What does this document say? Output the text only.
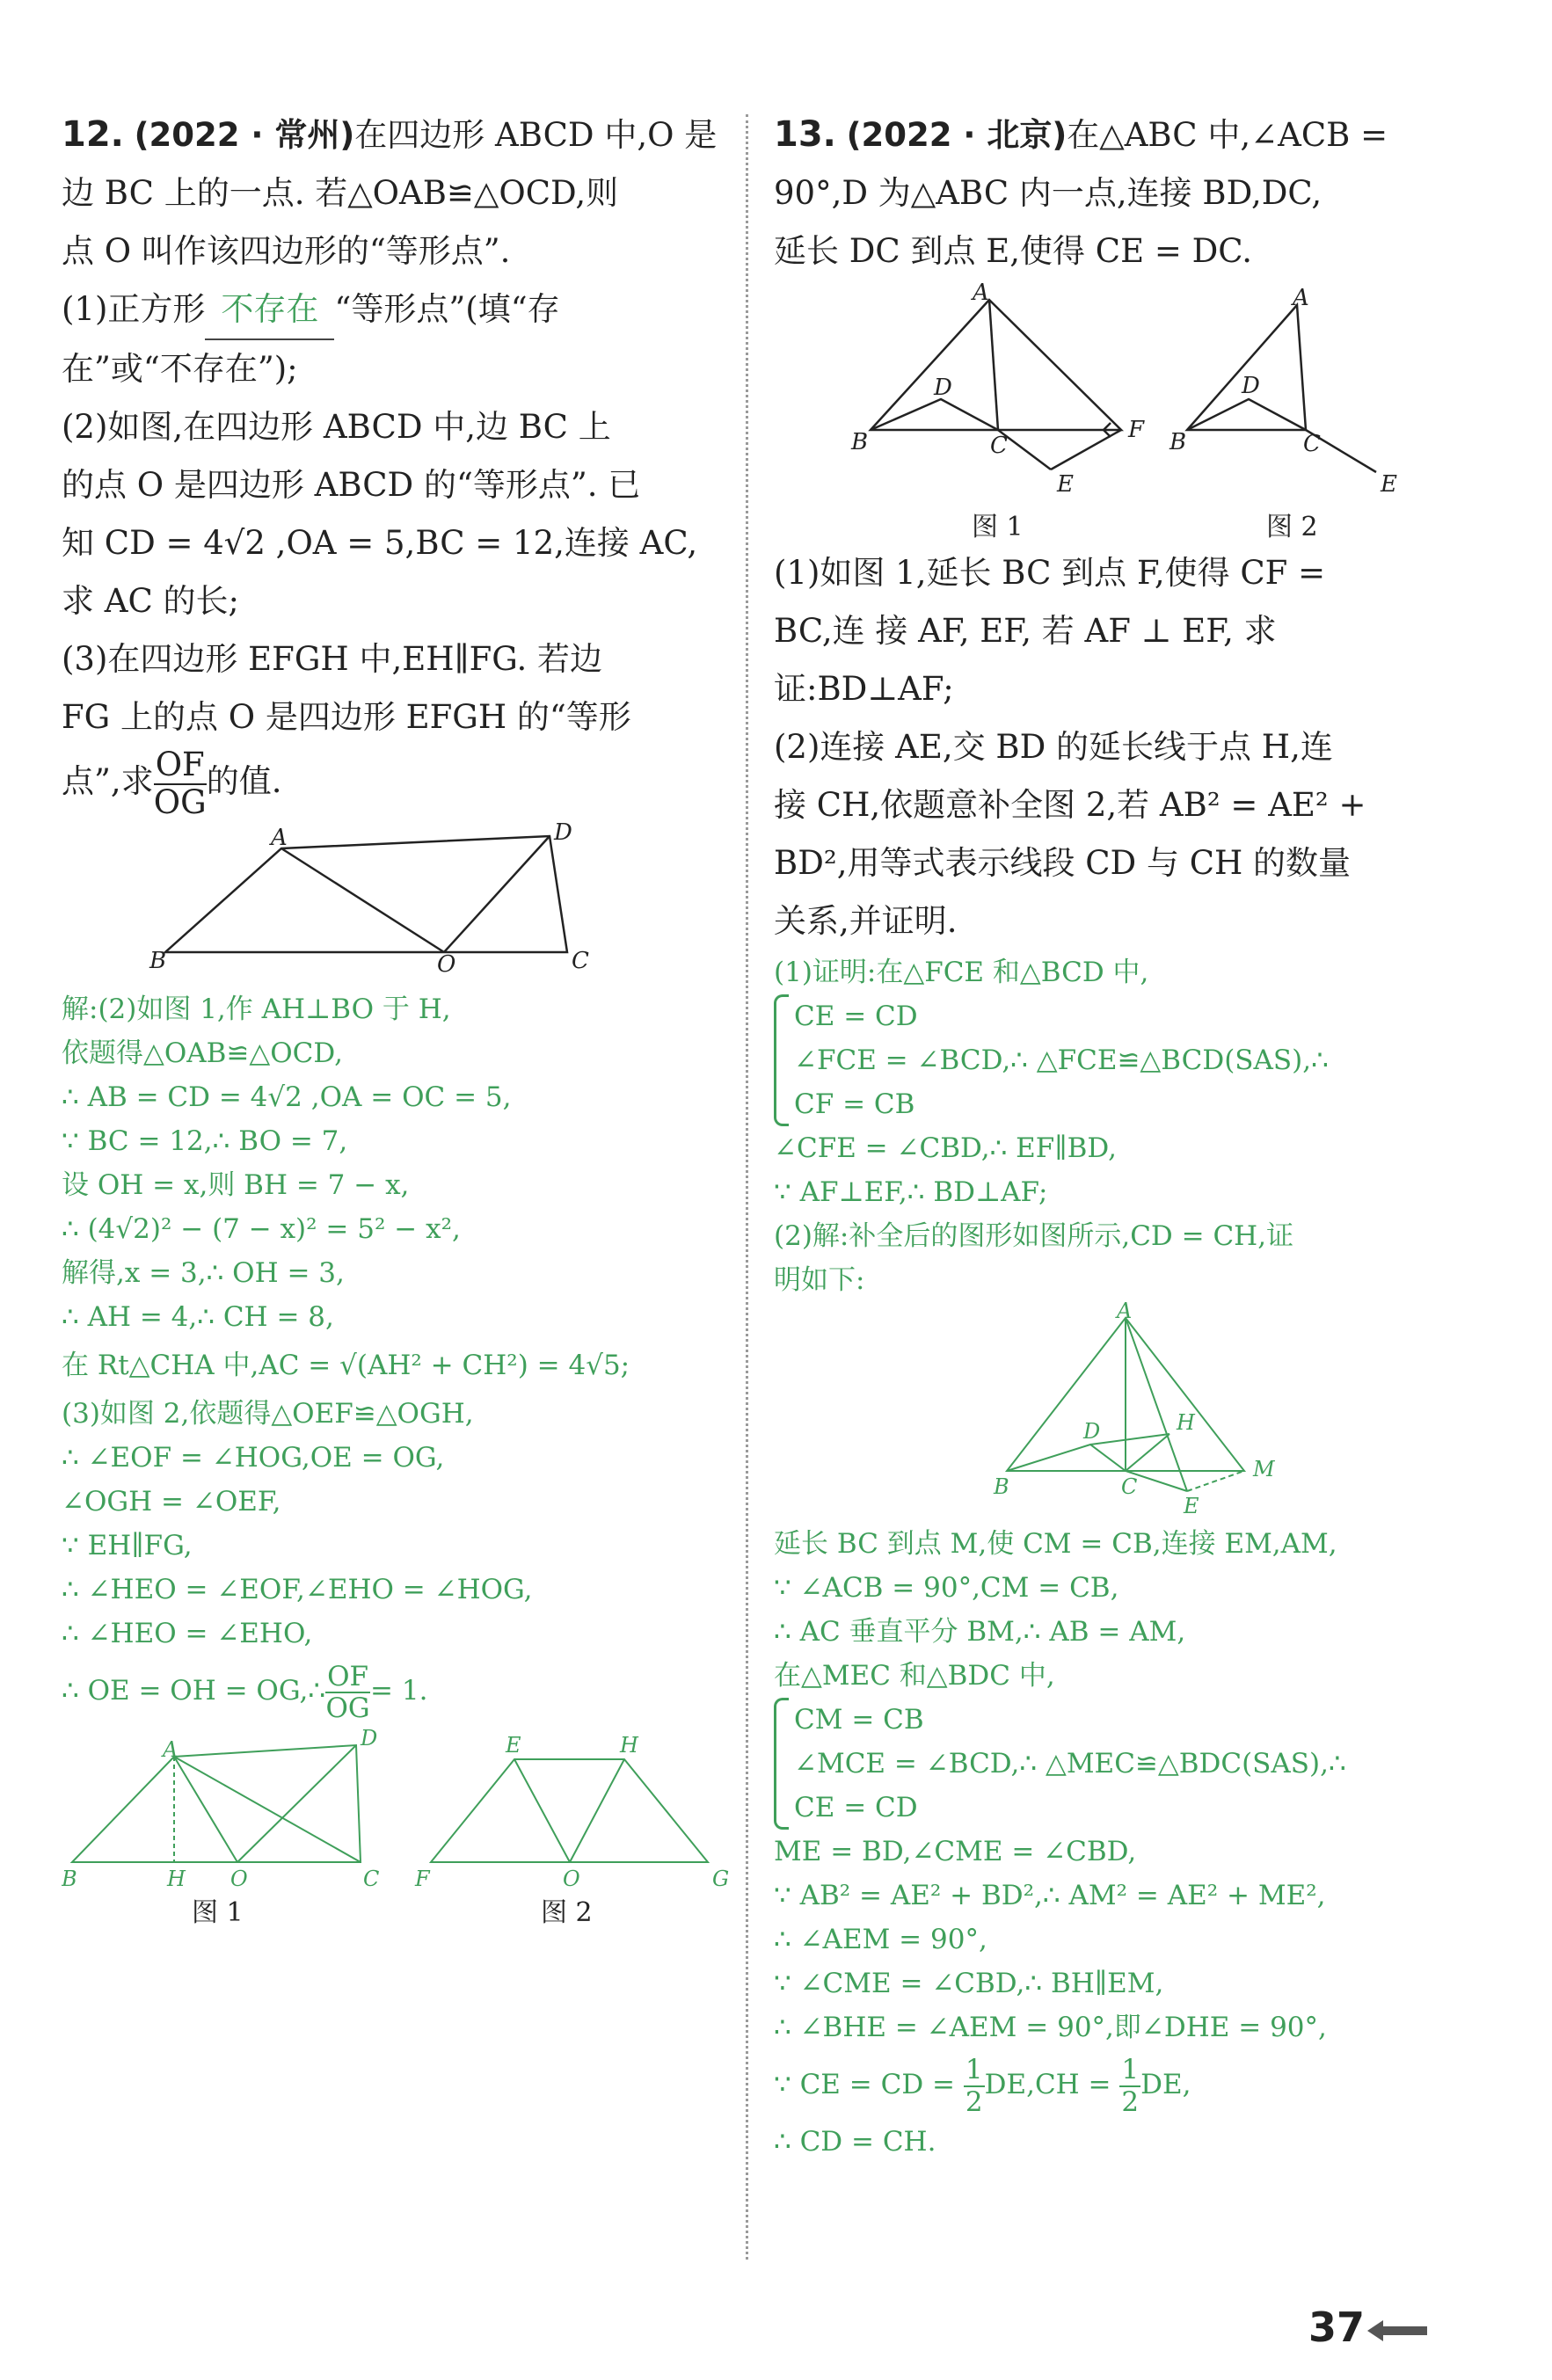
12. (2022 · 常州)在四边形 ABCD 中,O 是
边 BC 上的一点. 若△OAB≌△OCD,则
点 O 叫作该四边形的“等形点”.
(1)正方形 不存在 “等形点”(填“存
在”或“不存在”);
(2)如图,在四边形 ABCD 中,边 BC 上
的点 O 是四边形 ABCD 的“等形点”. 已
知 CD = 4√2 ,OA = 5,BC = 12,连接 AC,
求 AC 的长;
(3)在四边形 EFGH 中,EH∥FG. 若边
FG 上的点 O 是四边形 EFGH 的“等形
点”,求 $\frac{OF}{OG}$ 的值.
A	D
B	O	C
解:(2)如图 1,作 AH⊥BO 于 H,
依题得△OAB≌△OCD,
∴ AB = CD = 4√2 ,OA = OC = 5,
∵ BC = 12,∴ BO = 7,
设 OH = x,则 BH = 7 − x,
∴ (4√2)² − (7 − x)² = 5² − x²,
解得,x = 3,∴ OH = 3,
∴ AH = 4,∴ CH = 8,
在 Rt△CHA 中,AC = √(AH² + CH²) = 4√5;
(3)如图 2,依题得△OEF≌△OGH,
∴ ∠EOF = ∠HOG,OE = OG,
∠OGH = ∠OEF,
∵ EH∥FG,
∴ ∠HEO = ∠EOF,∠EHO = ∠HOG,
∴ ∠HEO = ∠EHO,
∴ OE = OH = OG,∴ $\frac{OF}{OG} = 1$.
A
B	H O	C
D
图 1
E	H
F	O	G
图 2
13. (2022 · 北京)在△ABC 中,∠ACB =
90°,D 为△ABC 内一点,连接 BD,DC,
延长 DC 到点 E,使得 CE = DC.
A
D
B	C
F
E
图 1
A
D
B	C
E
图 2
(1)如图 1,延长 BC 到点 F,使得 CF =
BC,连 接 AF, EF, 若 AF ⊥ EF, 求
证:BD⊥AF;
(2)连接 AE,交 BD 的延长线于点 H,连
接 CH,依题意补全图 2,若 AB² = AE² +
BD²,用等式表示线段 CD 与 CH 的数量
关系,并证明.
(1)证明:在△FCE 和△BCD 中,
CE = CD
∠FCE = ∠BCD,∴ △FCE≌△BCD(SAS),∴
CF = CB
∠CFE = ∠CBD,∴ EF∥BD,
∵ AF⊥EF,∴ BD⊥AF;
(2)解:补全后的图形如图所示,CD = CH,证
明如下:
A
D	H
M
B	C
E
延长 BC 到点 M,使 CM = CB,连接 EM,AM,
∵ ∠ACB = 90°,CM = CB,
∴ AC 垂直平分 BM,∴ AB = AM,
在△MEC 和△BDC 中,
CM = CB
∠MCE = ∠BCD,∴ △MEC≌△BDC(SAS),∴
CE = CD
ME = BD,∠CME = ∠CBD,
∵ AB² = AE² + BD²,∴ AM² = AE² + ME²,
∴ ∠AEM = 90°,
∵ ∠CME = ∠CBD,∴ BH∥EM,
∴ ∠BHE = ∠AEM = 90°,即∠DHE = 90°,
∵ CE = CD = $\frac{1}{2} DE,CH = \frac{1}{2}$ DE,
∴ CD = CH.
37
